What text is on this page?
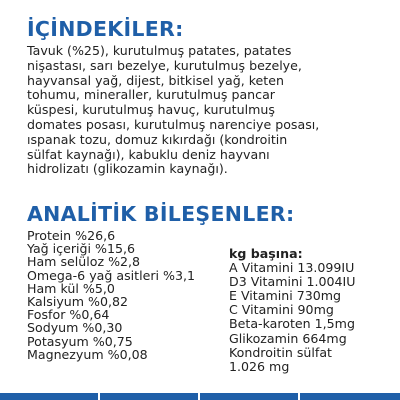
İÇİNDEKİLER:
Tavuk (%25), kurutulmuş patates, patates
nişastası, sarı bezelye, kurutulmuş bezelye,
hayvansal yağ, dijest, bitkisel yağ, keten
tohumu, mineraller, kurutulmuş pancar
küspesi, kurutulmuş havuç, kurutulmuş
domates posası, kurutulmuş narenciye posası,
ıspanak tozu, domuz kıkırdağı (kondroitin
sülfat kaynağı), kabuklu deniz hayvanı
hidrolizatı (glikozamin kaynağı).
ANALİTİK BİLEŞENLER:
Protein %26,6
Yağ içeriği %15,6
Ham selüloz %2,8
Omega-6 yağ asitleri %3,1
Ham kül %5,0
Kalsiyum %0,82
Fosfor %0,64
Sodyum %0,30
Potasyum %0,75
Magnezyum %0,08
kg başına:
A Vitamini 13.099IU
D3 Vitamini 1.004IU
E Vitamini 730mg
C Vitamini 90mg
Beta-karoten 1,5mg
Glikozamin 664mg
Kondroitin sülfat
1.026 mg
